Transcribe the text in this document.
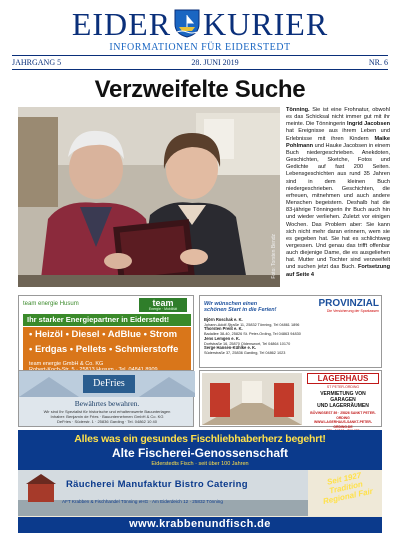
EIDER KURIER
INFORMATIONEN FÜR EIDERSTEDT
JAHRGANG 5	28. JUNI 2019	NR. 6
Verzweifelte Suche
Foto: Torsten Bendz
Tönning. Sie ist eine Frohnatur, obwohl es das Schicksal nicht immer gut mit ihr meinte. Die Tönningerin Ingrid Jacobsen hat Ereignisse aus ihrem Leben und Erlebnisse mit ihren Kindern Maike Pohlmann und Hauke Jacobsen in einem Buch niedergeschrieben. Anekdoten, Geschichten, Sketche, Fotos und Gedichte auf fast 200 Seiten. Lebensgeschichten aus rund 35 Jahren sind in dem kleinen Buch niedergeschrieben. Geschichten, die erfreuen, mitnehmen und auch andere Menschen begeistern. Deshalb hat die 83-jährige Tönningerin ihr Buch auch hin und wieder verliehen. Zuletzt vor einigen Wochen. Das Problem aber: Sie kann sich nicht mehr daran erinnern, wem sie es gegeben hat. Sie hat es schlichtweg vergessen. Und genau das trifft offenbar auch diejenige Dame, die es ausgeliehen hat. Mutter und Tochter sind verzweifelt und suchen jetzt das Buch. Fortsetzung auf Seite 4
team energie Husum	team
Energie · Mobilität
Ihr starker Energiepartner in Eiderstedt!
• Heizöl • Diesel • AdBlue • Strom
• Erdgas • Pellets • Schmierstoffe
team energie GmbH & Co. KG
Wir wünschen einen
schönen Start in die Ferien!
PROVINZIAL
Die Versicherung der Sparkassen
Björn Roschak e. K.
Johann-Adolf-Straße 11, 25832 Tönning, Tel 04861 1896
Thorsten Preiß e. K.
Badallee 38-40, 25826 St. Peter-Ording, Tel 04863 94830
Jens Lemgen e. K.
Dorfstraße 16, 25870 Oldenswort, Tel 04864 10170
Serge Hansen-Kühlke e. K.
Süderstraße 37, 25836 Garding, Tel 04862 1023
DeFries
Bewährtes bewahren.
Wir sind Ihr Spezialist für historische und erhaltenswerte Bauunterlagen
Inhaber: Benjamin de Fries · Bauunternehmen GmbH & Co. KG
DeFries · Süderstr. 1 · 25836 Garding · Tel. 04862 10 40
LAGERHAUS
ST PETER-ORDING
VERMIETUNG VON
GARAGEN
UND LAGERRÄUMEN
BÖVINGSEST 89 · 25826 SANKT PETER-ORDING
WWW.LAGERHAUS-SANKT-PETER-ORDING.DE
Alles was ein gesundes Fischliebhaberherz begehrt!
Alte Fischerei-Genossenschaft
Eiderstedts Fisch · seit über 100 Jahren
Räucherei Manufaktur Bistro Catering
AFT Krabben & Fischhandel Tönning eHG · Am Eiderdeich 12 · 25832 Tönning
www.krabbenundfisch.de
Seit 1927 Tradition Regional Fair
